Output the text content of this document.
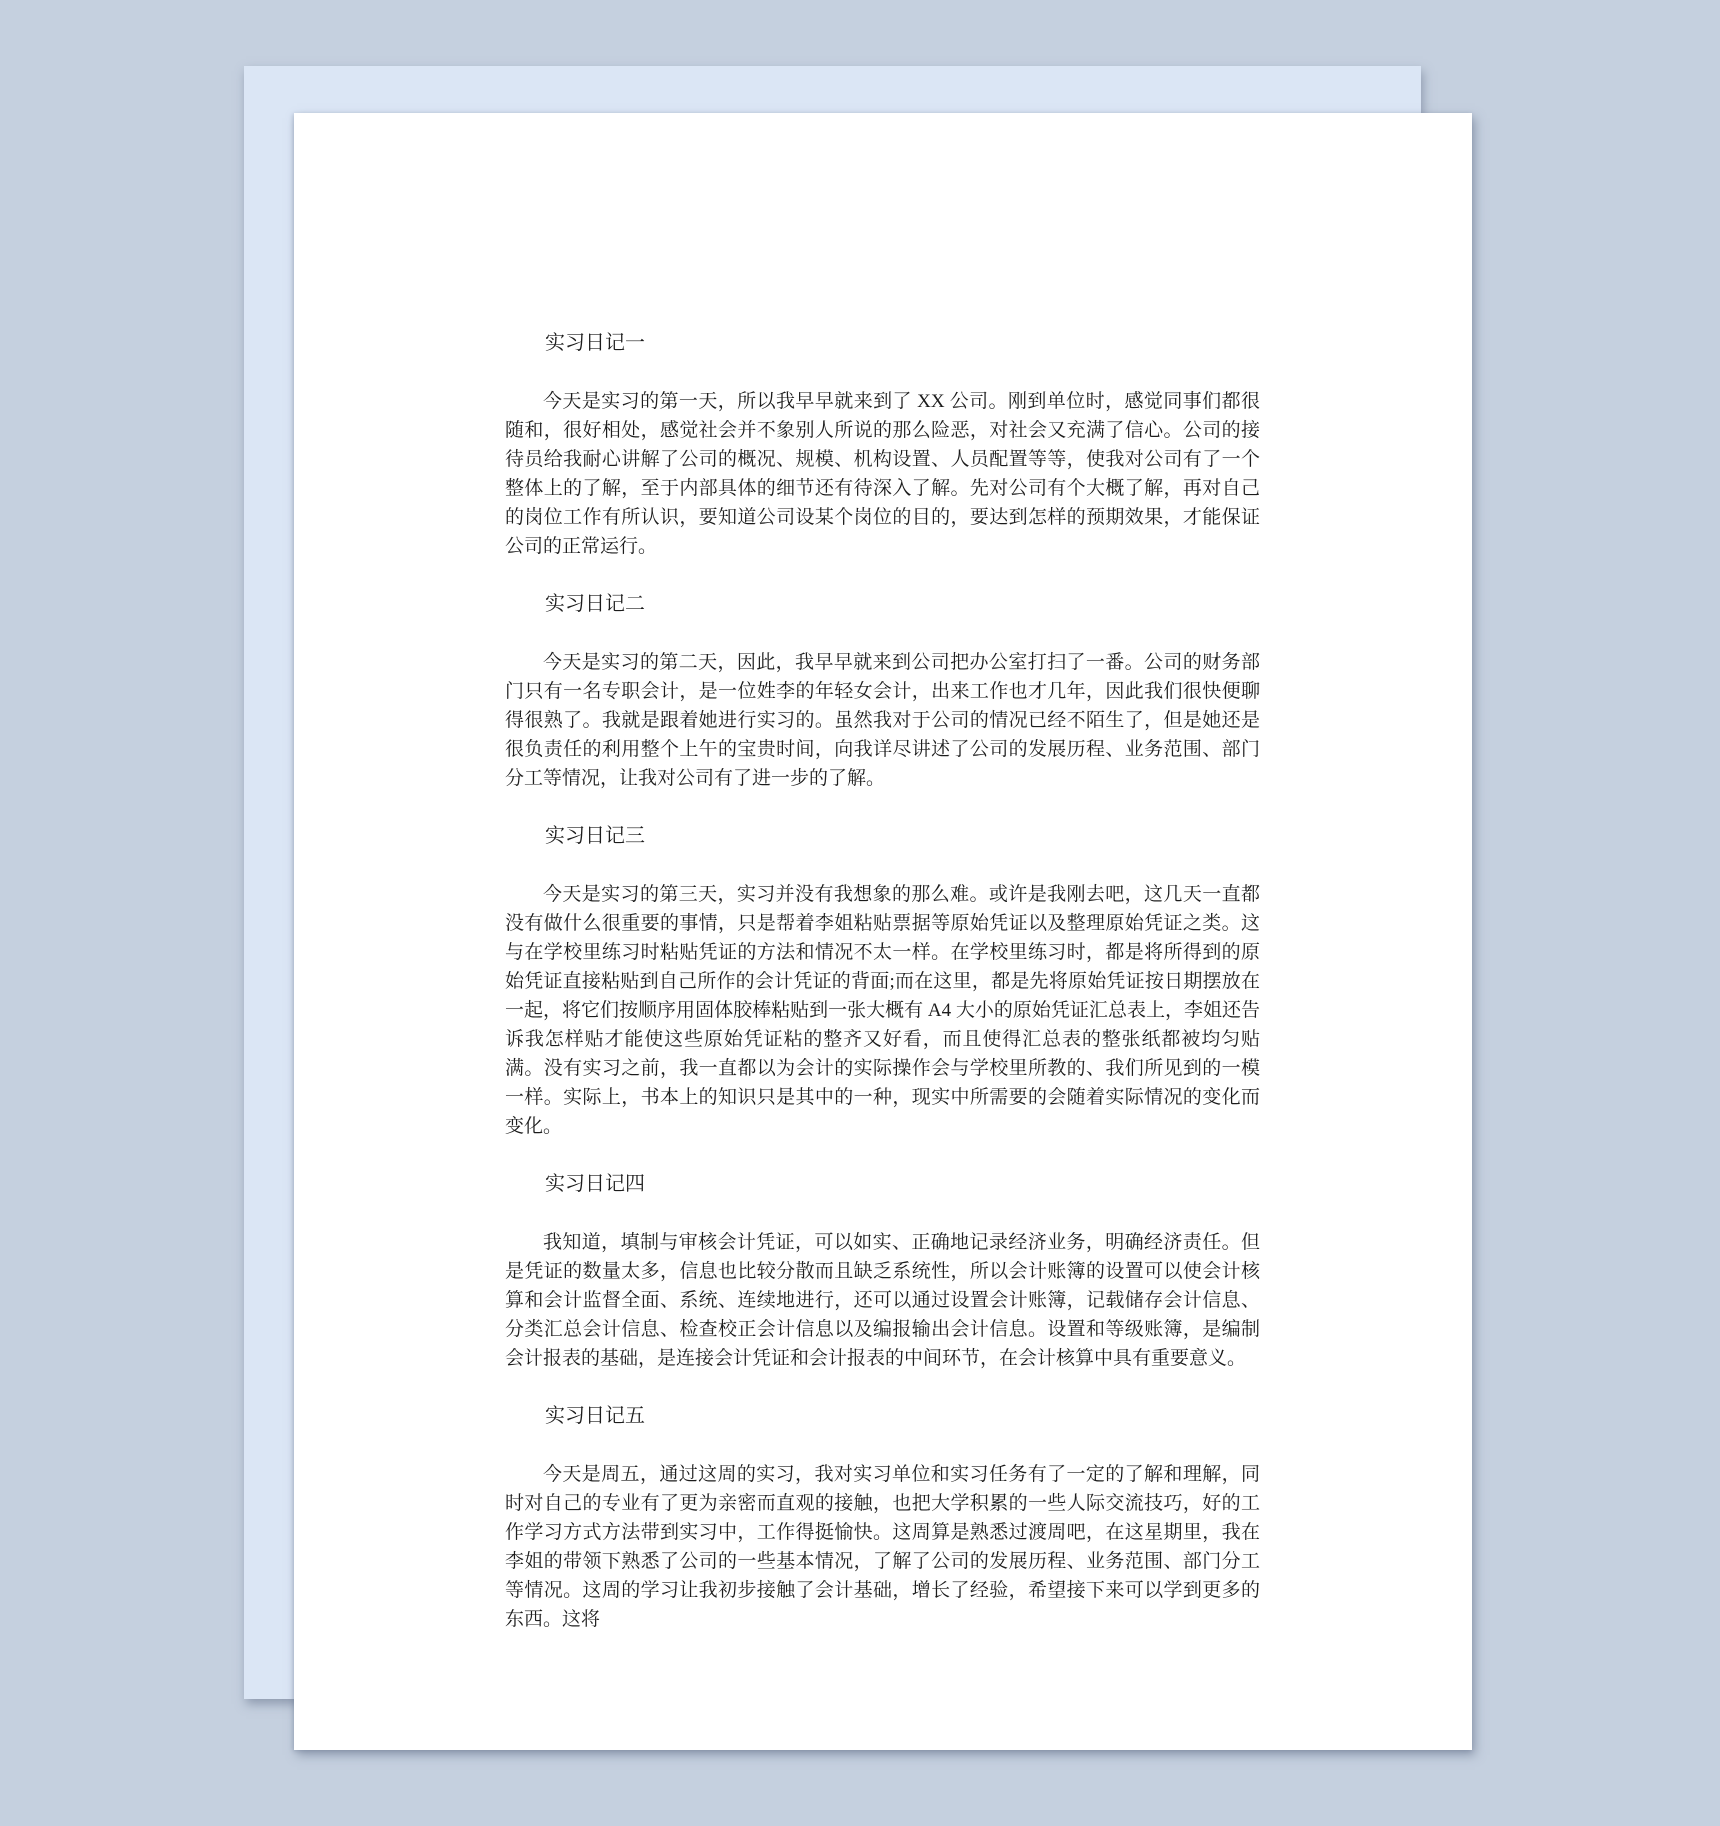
实习日记一

今天是实习的第一天，所以我早早就来到了 XX 公司。刚到单位时，感觉同事们都很随和，很好相处，感觉社会并不象别人所说的那么险恶，对社会又充满了信心。公司的接待员给我耐心讲解了公司的概况、规模、机构设置、人员配置等等，使我对公司有了一个整体上的了解，至于内部具体的细节还有待深入了解。先对公司有个大概了解，再对自己的岗位工作有所认识，要知道公司设某个岗位的目的，要达到怎样的预期效果，才能保证公司的正常运行。

实习日记二

今天是实习的第二天，因此，我早早就来到公司把办公室打扫了一番。公司的财务部门只有一名专职会计，是一位姓李的年轻女会计，出来工作也才几年，因此我们很快便聊得很熟了。我就是跟着她进行实习的。虽然我对于公司的情况已经不陌生了，但是她还是很负责任的利用整个上午的宝贵时间，向我详尽讲述了公司的发展历程、业务范围、部门分工等情况，让我对公司有了进一步的了解。

实习日记三

今天是实习的第三天，实习并没有我想象的那么难。或许是我刚去吧，这几天一直都没有做什么很重要的事情，只是帮着李姐粘贴票据等原始凭证以及整理原始凭证之类。这与在学校里练习时粘贴凭证的方法和情况不太一样。在学校里练习时，都是将所得到的原始凭证直接粘贴到自己所作的会计凭证的背面;而在这里，都是先将原始凭证按日期摆放在一起，将它们按顺序用固体胶棒粘贴到一张大概有 A4 大小的原始凭证汇总表上，李姐还告诉我怎样贴才能使这些原始凭证粘的整齐又好看，而且使得汇总表的整张纸都被均匀贴满。没有实习之前，我一直都以为会计的实际操作会与学校里所教的、我们所见到的一模一样。实际上，书本上的知识只是其中的一种，现实中所需要的会随着实际情况的变化而变化。

实习日记四

我知道，填制与审核会计凭证，可以如实、正确地记录经济业务，明确经济责任。但是凭证的数量太多，信息也比较分散而且缺乏系统性，所以会计账簿的设置可以使会计核算和会计监督全面、系统、连续地进行，还可以通过设置会计账簿，记载储存会计信息、分类汇总会计信息、检查校正会计信息以及编报输出会计信息。设置和等级账簿，是编制会计报表的基础，是连接会计凭证和会计报表的中间环节，在会计核算中具有重要意义。

实习日记五

今天是周五，通过这周的实习，我对实习单位和实习任务有了一定的了解和理解，同时对自己的专业有了更为亲密而直观的接触，也把大学积累的一些人际交流技巧，好的工作学习方式方法带到实习中，工作得挺愉快。这周算是熟悉过渡周吧，在这星期里，我在李姐的带领下熟悉了公司的一些基本情况，了解了公司的发展历程、业务范围、部门分工等情况。这周的学习让我初步接触了会计基础，增长了经验，希望接下来可以学到更多的东西。这将
